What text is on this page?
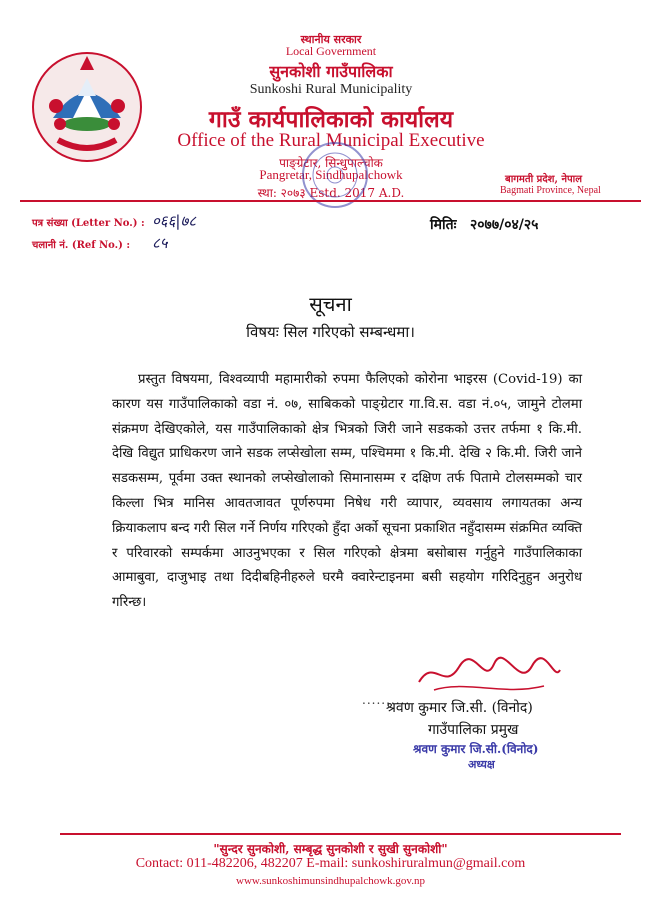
स्थानीय सरकार
Local Government
सुनकोशी गाउँपालिका
Sunkoshi Rural Municipality
गाउँ कार्यपालिकाको कार्यालय
Office of the Rural Municipal Executive
पाङ्ग्रेटार, सिन्धुपाल्चोक
Pangretar, Sindhupalchowk
स्था: २०७३ Estd. 2017 A.D.
बागमती प्रदेश, नेपाल
Bagmati Province, Nepal
पत्र संख्या (Letter No.) : ०६६|७८
चलानी नं. (Ref No.) : ८५
मितिः २०७७/०४/२५
सूचना
विषयः सिल गरिएको सम्बन्धमा।
प्रस्तुत विषयमा, विश्वव्यापी महामारीको रुपमा फैलिएको कोरोना भाइरस (Covid-19) का कारण यस गाउँपालिकाको वडा नं. ०७, साबिकको पाङ्ग्रेटार गा.वि.स. वडा नं.०५, जामुने टोलमा संक्रमण देखिएकोले, यस गाउँपालिकाको क्षेत्र भित्रको जिरी जाने सडकको उत्तर तर्फमा १ कि.मी. देखि विद्युत प्राधिकरण जाने सडक लप्सेखोला सम्म, पश्चिममा १ कि.मी. देखि २ कि.मी. जिरी जाने सडकसम्म, पूर्वमा उक्त स्थानको लप्सेखोलाको सिमानासम्म र दक्षिण तर्फ पितामे टोलसम्मको चार किल्ला भित्र मानिस आवतजावत पूर्णरुपमा निषेध गरी व्यापार, व्यवसाय लगायतका अन्य क्रियाकलाप बन्द गरी सिल गर्ने निर्णय गरिएको हुँदा अर्को सूचना प्रकाशित नहुँदासम्म संक्रमित व्यक्ति र परिवारको सम्पर्कमा आउनुभएका र सिल गरिएको क्षेत्रमा बसोबास गर्नुहुने गाउँपालिकाका आमाबुवा, दाजुभाइ तथा दिदीबहिनीहरुले घरमै क्वारेन्टाइनमा बसी सहयोग गरिदिनुहुन अनुरोध गरिन्छ।
..........
श्रवण कुमार जि.सी. (विनोद)
गाउँपालिका प्रमुख
श्रवण कुमार जि.सी.(विनोद)
अध्यक्ष
"सुन्दर सुनकोशी, सम्बृद्ध सुनकोशी र सुखी सुनकोशी"
Contact: 011-482206, 482207 E-mail: sunkoshiruralmun@gmail.com
www.sunkoshimunsindhupalchowk.gov.np
